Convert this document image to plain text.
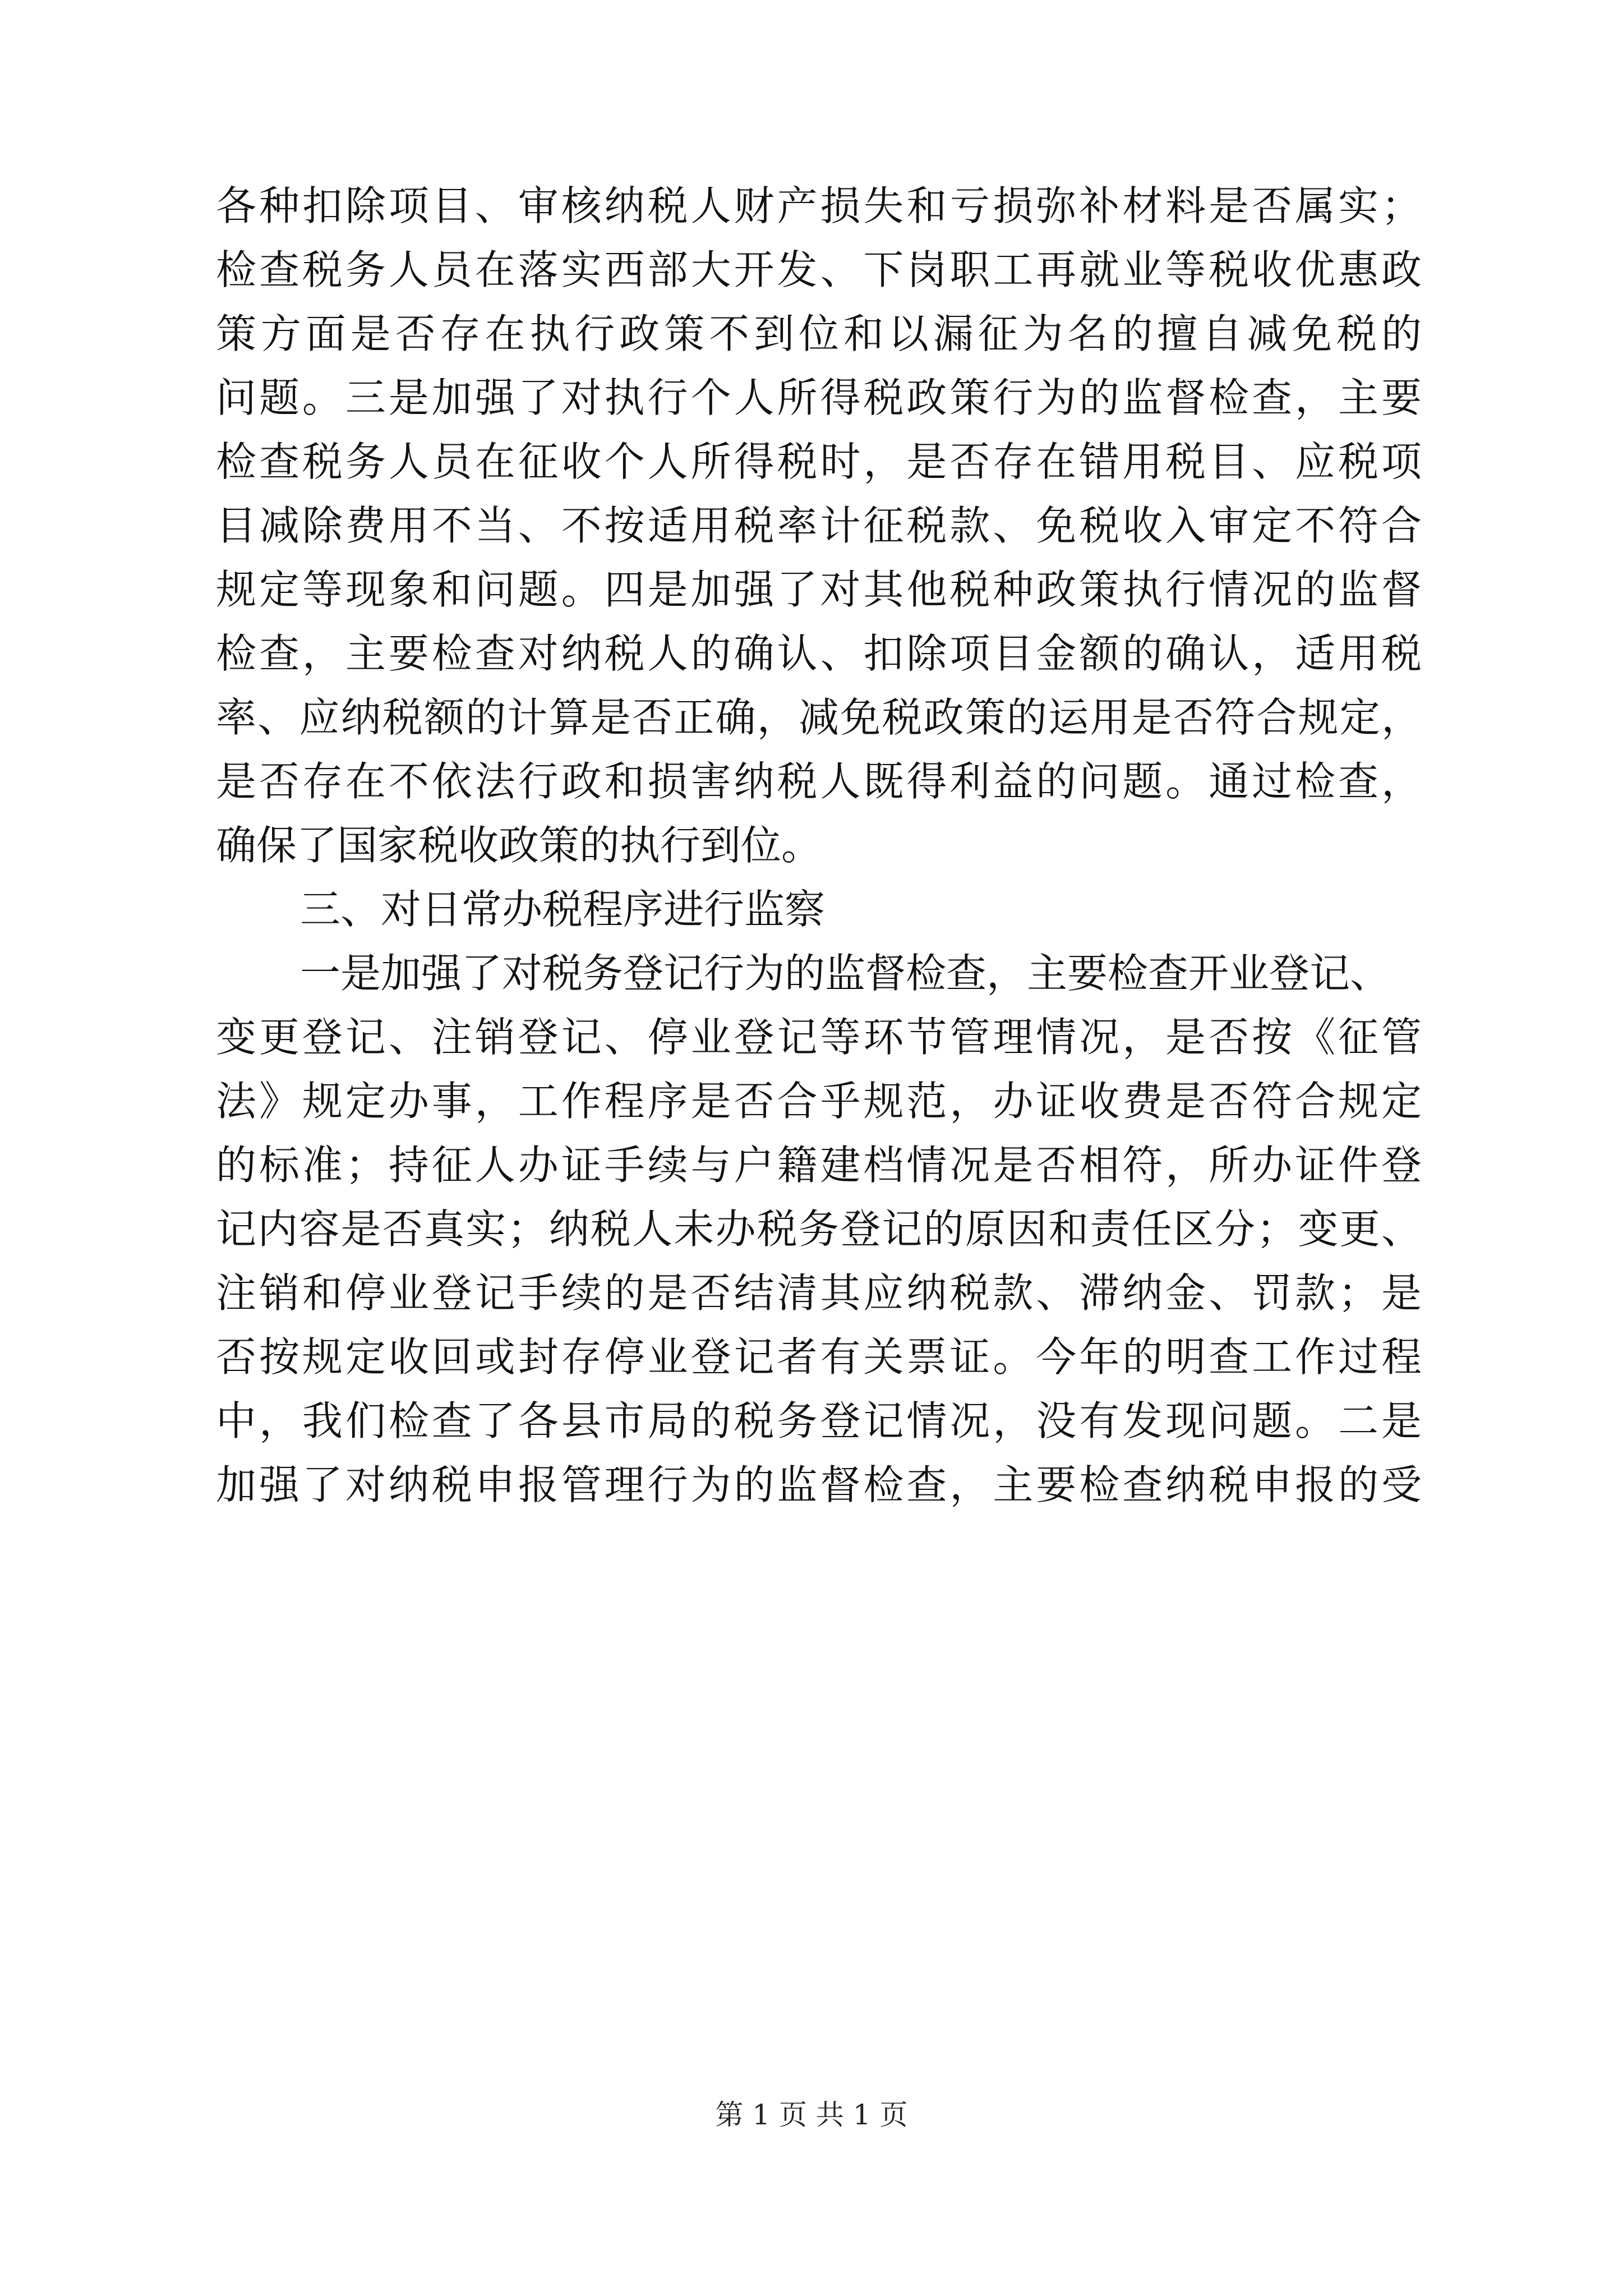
各种扣除项目、审核纳税人财产损失和亏损弥补材料是否属实；
检查税务人员在落实西部大开发、下岗职工再就业等税收优惠政
策方面是否存在执行政策不到位和以漏征为名的擅自减免税的
问题。三是加强了对执行个人所得税政策行为的监督检查，主要
检查税务人员在征收个人所得税时，是否存在错用税目、应税项
目减除费用不当、不按适用税率计征税款、免税收入审定不符合
规定等现象和问题。四是加强了对其他税种政策执行情况的监督
检查，主要检查对纳税人的确认、扣除项目金额的确认，适用税
率、应纳税额的计算是否正确，减免税政策的运用是否符合规定，
是否存在不依法行政和损害纳税人既得利益的问题。通过检查，
确保了国家税收政策的执行到位。
三、对日常办税程序进行监察
一是加强了对税务登记行为的监督检查，主要检查开业登记、
变更登记、注销登记、停业登记等环节管理情况，是否按《征管
法》规定办事，工作程序是否合乎规范，办证收费是否符合规定
的标准；持征人办证手续与户籍建档情况是否相符，所办证件登
记内容是否真实；纳税人未办税务登记的原因和责任区分；变更、
注销和停业登记手续的是否结清其应纳税款、滞纳金、罚款；是
否按规定收回或封存停业登记者有关票证。今年的明查工作过程
中，我们检查了各县市局的税务登记情况，没有发现问题。二是
加强了对纳税申报管理行为的监督检查，主要检查纳税申报的受
第 1 页 共 1 页
